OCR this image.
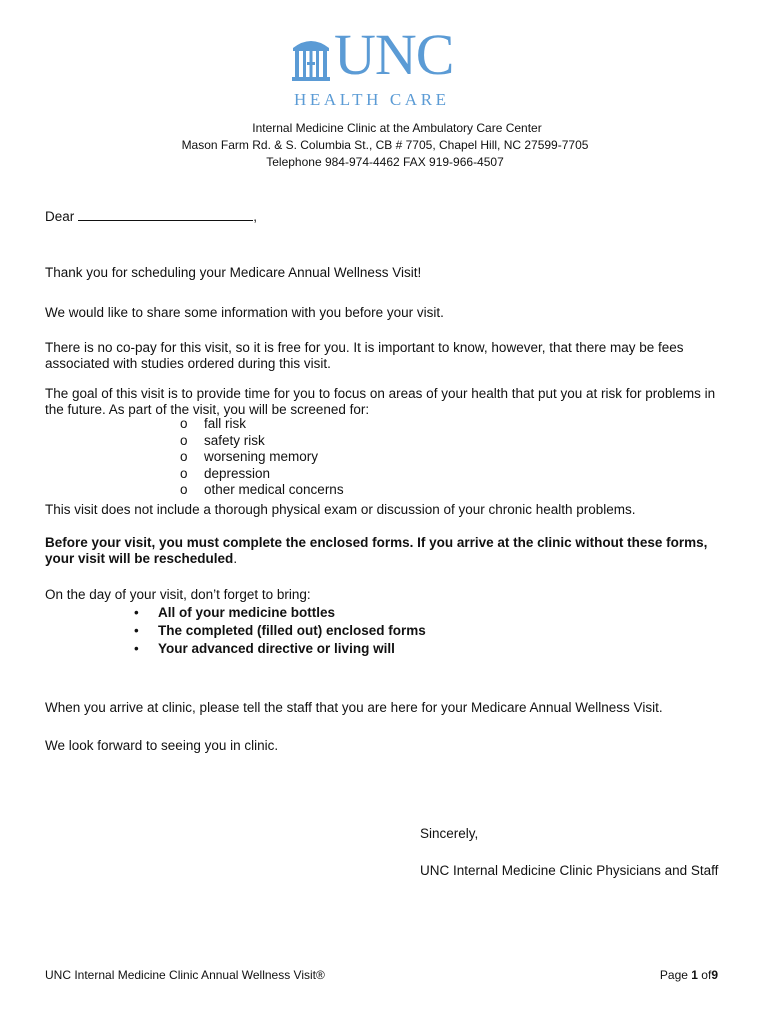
UNC
HEALTH CARE
Internal Medicine Clinic at the Ambulatory Care Center
Mason Farm Rd. & S. Columbia St., CB # 7705, Chapel Hill, NC 27599-7705
Telephone 984-974-4462 FAX 919-966-4507
Dear	,
Thank you for scheduling your Medicare Annual Wellness Visit!
We would like to share some information with you before your visit.
There is no co-pay for this visit, so it is free for you. It is important to know, however, that there may be fees associated with studies ordered during this visit.
The goal of this visit is to provide time for you to focus on areas of your health that put you at risk for problems in the future. As part of the visit, you will be screened for:
o fall risk
o safety risk
o worsening memory
o depression
o other medical concerns
This visit does not include a thorough physical exam or discussion of your chronic health problems.
Before your visit, you must complete the enclosed forms. If you arrive at the clinic without these forms, your visit will be rescheduled.
On the day of your visit, don’t forget to bring:
• All of your medicine bottles
• The completed (filled out) enclosed forms
• Your advanced directive or living will
When you arrive at clinic, please tell the staff that you are here for your Medicare Annual Wellness Visit.
We look forward to seeing you in clinic.
Sincerely,
UNC Internal Medicine Clinic Physicians and Staff
UNC Internal Medicine Clinic Annual Wellness Visit®	Page 1 of9
